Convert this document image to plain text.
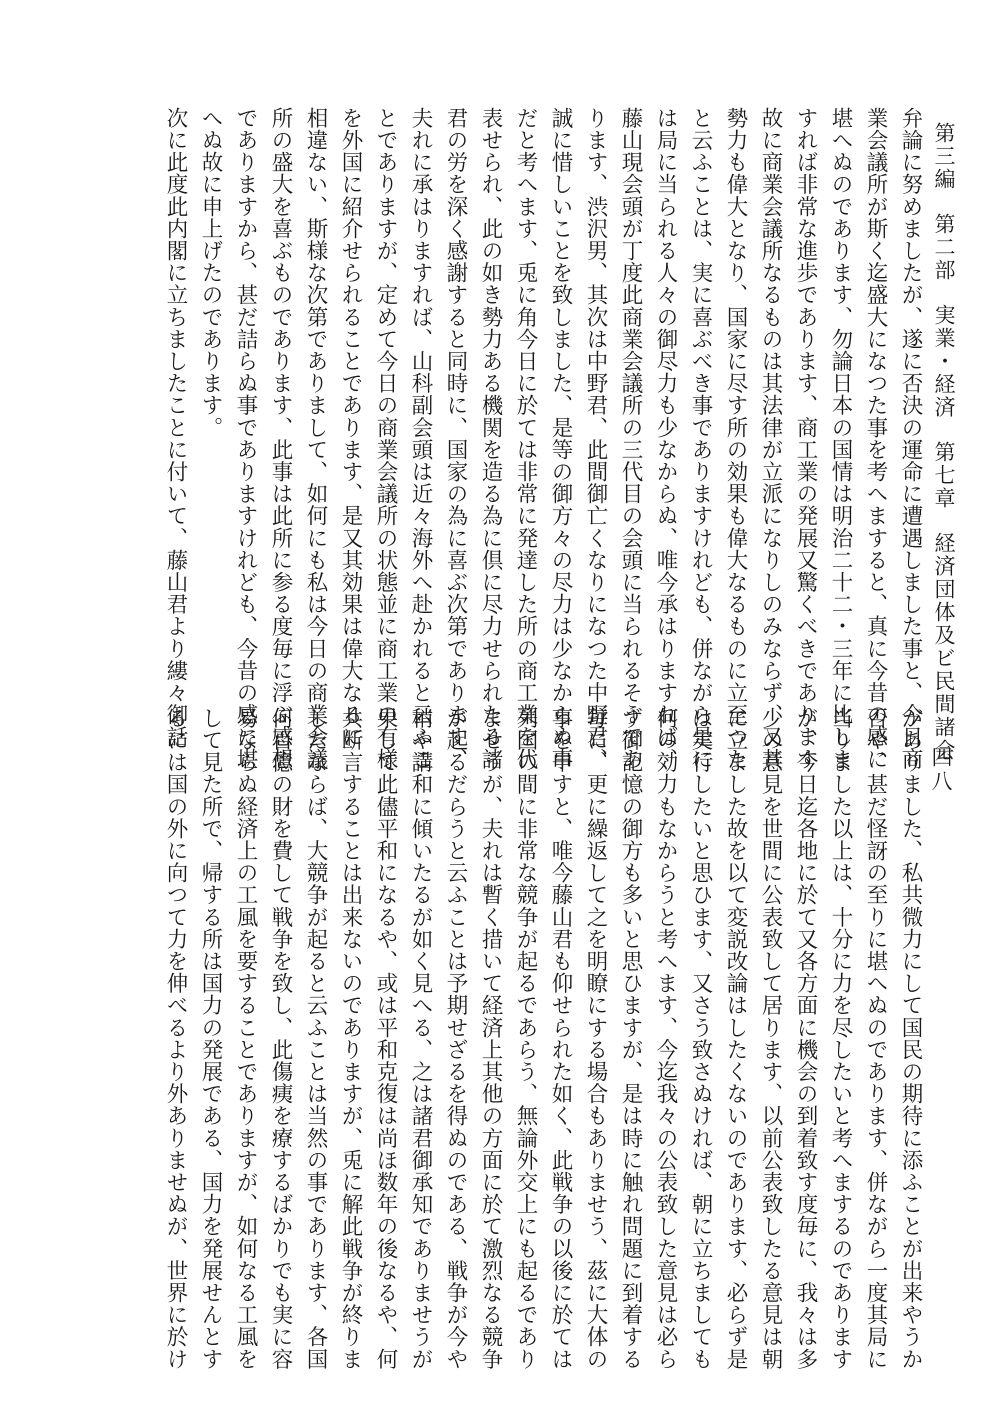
第三編第二部実業・経済第七章経済団体及ビ民間諸会
四八
弁論に努めましたが、遂に否決の運命に遭遇しました事と、今日商
業会議所が斯く迄盛大になつた事を考へますると、真に今昔の感に
堪へぬのであります、勿論日本の国情は明治二十二・三年に比しま
すれば非常な進歩であります、商工業の発展又驚くべきであります
故に商業会議所なるものは其法律が立派になりしのみならず、又其
勢力も偉大となり、国家に尽す所の効果も偉大なるものに立至つた
と云ふことは、実に喜ぶべき事でありますけれども、併ながら是に
は局に当られる人々の御尽力も少なからぬ、唯今承はりますれば、
藤山現会頭が丁度此商業会議所の三代目の会頭に当られるそうであ
ります、渋沢男、其次は中野君、此間御亡くなりになつた中野君、
誠に惜しいことを致しました、是等の御方々の尽力は少なからぬ事
だと考へます、兎に角今日に於ては非常に発達した所の商工業を代
表せられ、此の如き勢力ある機関を造る為に倶に尽力せられたる諸
君の労を深く感謝すると同時に、国家の為に喜ぶ次第であります、
夫れに承はりますれば、山科副会頭は近々海外へ赴かれると云ふこ
とでありますが、定めて今日の商業会議所の状態並に商工業の有様
を外国に紹介せられることであります、是又其効果は偉大なるに
相違ない、斯様な次第でありまして、如何にも私は今日の商業会議
所の盛大を喜ぶものであります、此事は此所に参る度毎に浮ぶ感想
でありますから、甚だ詰らぬ事でありますけれども、今昔の感に堪
へぬ故に申上げたのであります。
次に此度此内閣に立ちましたことに付いて、藤山君より縷々御話
がありました、私共微力にして国民の期待に添ふことが出来やうか
否や、甚だ怪訝の至りに堪へぬのであります、併ながら一度其局に
当りました以上は、十分に力を尽したいと考へまするのであります
が、今日迄各地に於て又各方面に機会の到着致す度毎に、我々は多
少の意見を世間に公表致して居ります、以前公表致したる意見は朝
に立ました故を以て変説改論はしたくないのであります、必らず是
は実行したいと思ひます、又さう致さぬければ、朝に立ちましても
何の効力もなからうと考へます、今迄我々の公表致した意見は必ら
ず御記憶の御方も多いと思ひますが、是は時に触れ問題に到着する
毎に、更に繰返して之を明瞭にする場合もありませう、茲に大体の
事を申すと、唯今藤山君も仰せられた如く、此戦争の以後に於ては
列国の間に非常な競争が起るであらう、無論外交上にも起るであり
ませうが、夫れは暫く措いて経済上其他の方面に於て激烈なる競争
が起るだらうと云ふことは予期せざるを得ぬのである、戦争が今や
稍や講和に傾いたるが如く見へる、之は諸君御承知でありませうが
果して此儘平和になるや、或は平和克復は尚ほ数年の後なるや、何
共断言することは出来ないのでありますが、兎に解此戦争が終りま
したならば、大競争が起ると云ふことは当然の事であります、各国
何百億の財を費して戦争を致し、此傷痍を療するばかりでも実に容
易ならぬ経済上の工風を要することでありますが、如何なる工風を
して見た所で、帰する所は国力の発展である、国力を発展せんとす
るには国の外に向つて力を伸べるより外ありませぬが、世界に於け
